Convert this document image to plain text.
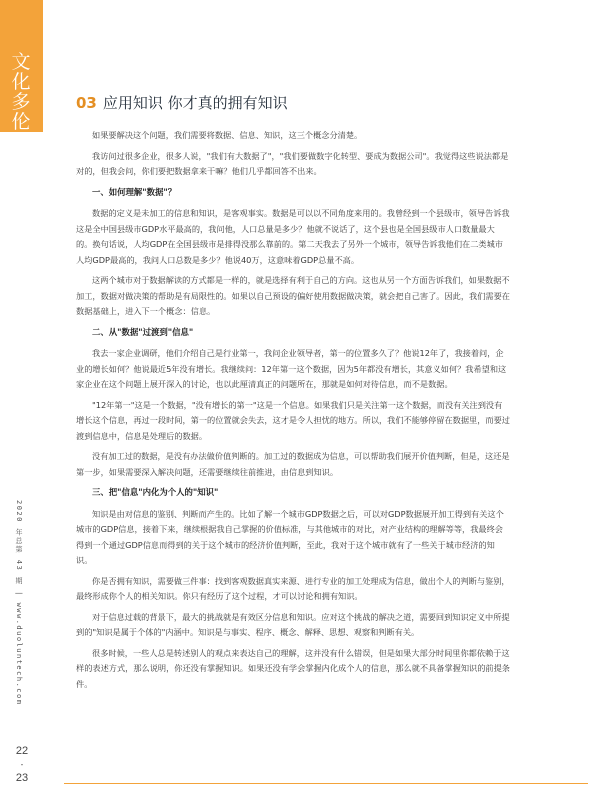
文
化
多
伦
2020 年总第 43 期 | www.duoluntech.com
22
-
23
03 应用知识 你才真的拥有知识

如果要解决这个问题，我们需要将数据、信息、知识，这三个概念分清楚。

我访问过很多企业，很多人说，"我们有大数据了"，"我们要做数字化转型、要成为数据公司"。我觉得这些说法都是对的，但我会问，你们要把数据拿来干嘛？他们几乎都回答不出来。

一、如何理解"数据"？

数据的定义是未加工的信息和知识，是客观事实。数据是可以以不同角度来用的。我曾经到一个县级市，领导告诉我这是全中国县级市GDP水平最高的，我问他，人口总量是多少？他就不说话了，这个县也是全国县级市人口数量最大的。换句话说，人均GDP在全国县级市是排得没那么靠前的。第二天我去了另外一个城市，领导告诉我他们在二类城市人均GDP最高的，我问人口总数是多少？他说40万，这意味着GDP总量不高。

这两个城市对于数据解读的方式都是一样的，就是选择有利于自己的方向。这也从另一个方面告诉我们，如果数据不加工，数据对做决策的帮助是有局限性的。如果以自己预设的偏好使用数据做决策，就会把自己害了。因此，我们需要在数据基础上，进入下一个概念：信息。

二、从"数据"过渡到"信息"

我去一家企业调研，他们介绍自己是行业第一，我问企业领导者，第一的位置多久了？他说12年了，我接着问，企业的增长如何？他说最近5年没有增长。我继续问：12年第一这个数据，因为5年都没有增长，其意义如何？我希望和这家企业在这个问题上展开深入的讨论，也以此厘清真正的问题所在，那就是如何对待信息，而不是数据。

"12年第一"这是一个数据，"没有增长的第一"这是一个信息。如果我们只是关注第一这个数据，而没有关注到没有增长这个信息，再过一段时间，第一的位置就会失去，这才是令人担忧的地方。所以，我们不能够停留在数据里，而要过渡到信息中，信息是处理后的数据。

没有加工过的数据，是没有办法做价值判断的。加工过的数据成为信息，可以帮助我们展开价值判断，但是，这还是第一步，如果需要深入解决问题，还需要继续往前推进，由信息到知识。

三、把"信息"内化为个人的"知识"

知识是由对信息的鉴别、判断而产生的。比如了解一个城市GDP数据之后，可以对GDP数据展开加工得到有关这个城市的GDP信息，接着下来，继续根据我自己掌握的价值标准，与其他城市的对比，对产业结构的理解等等，我最终会得到一个通过GDP信息而得到的关于这个城市的经济价值判断，至此，我对于这个城市就有了一些关于城市经济的知识。

你是否拥有知识，需要做三件事：找到客观数据真实来源、进行专业的加工处理成为信息，做出个人的判断与鉴别，最终形成你个人的相关知识。你只有经历了这个过程，才可以讨论和拥有知识。

对于信息过载的背景下，最大的挑战就是有效区分信息和知识。应对这个挑战的解决之道，需要回到知识定义中所提到的"知识是属于个体的"内涵中。知识是与事实、程序、概念、解释、思想、观察和判断有关。

很多时候，一些人总是转述别人的观点来表达自己的理解，这并没有什么错误，但是如果大部分时间里你都依赖于这样的表述方式，那么说明，你还没有掌握知识。如果还没有学会掌握内化成个人的信息，那么就不具备掌握知识的前提条件。
